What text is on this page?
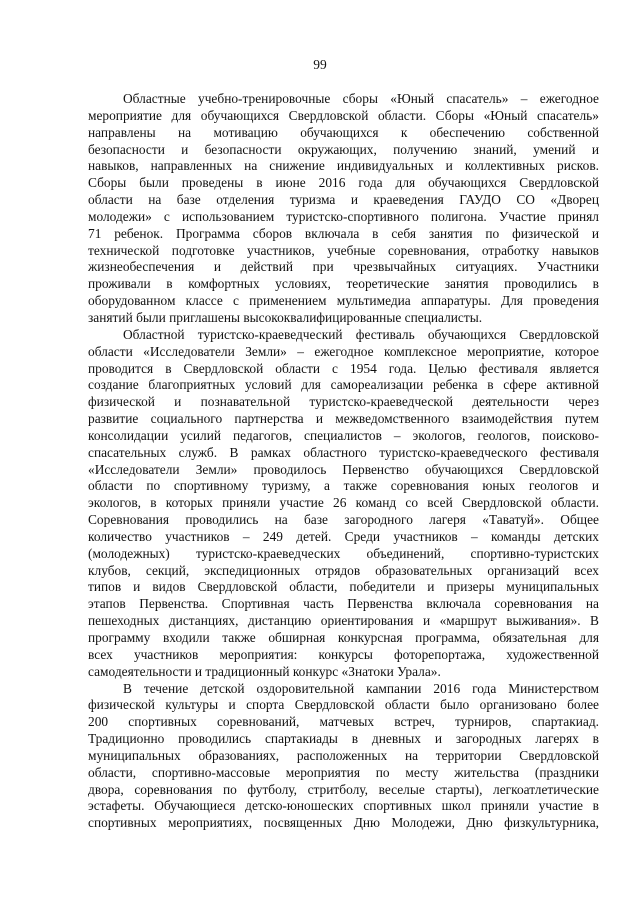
99
Областные учебно-тренировочные сборы «Юный спасатель» – ежегодное
мероприятие для обучающихся Свердловской области. Сборы «Юный спасатель»
направлены на мотивацию обучающихся к обеспечению собственной
безопасности и безопасности окружающих, получению знаний, умений и
навыков, направленных на снижение индивидуальных и коллективных рисков.
Сборы были проведены в июне 2016 года для обучающихся Свердловской
области на базе отделения туризма и краеведения ГАУДО СО «Дворец
молодежи» с использованием туристско-спортивного полигона. Участие принял
71 ребенок. Программа сборов включала в себя занятия по физической и
технической подготовке участников, учебные соревнования, отработку навыков
жизнеобеспечения и действий при чрезвычайных ситуациях. Участники
проживали в комфортных условиях, теоретические занятия проводились в
оборудованном классе с применением мультимедиа аппаратуры. Для проведения
занятий были приглашены высококвалифицированные специалисты.
Областной туристско-краеведческий фестиваль обучающихся Свердловской
области «Исследователи Земли» – ежегодное комплексное мероприятие, которое
проводится в Свердловской области с 1954 года. Целью фестиваля является
создание благоприятных условий для самореализации ребенка в сфере активной
физической и познавательной туристско-краеведческой деятельности через
развитие социального партнерства и межведомственного взаимодействия путем
консолидации усилий педагогов, специалистов – экологов, геологов, поисково-
спасательных служб. В рамках областного туристско-краеведческого фестиваля
«Исследователи Земли» проводилось Первенство обучающихся Свердловской
области по спортивному туризму, а также соревнования юных геологов и
экологов, в которых приняли участие 26 команд со всей Свердловской области.
Соревнования проводились на базе загородного лагеря «Таватуй». Общее
количество участников – 249 детей. Среди участников – команды детских
(молодежных) туристско-краеведческих объединений, спортивно-туристских
клубов, секций, экспедиционных отрядов образовательных организаций всех
типов и видов Свердловской области, победители и призеры муниципальных
этапов Первенства. Спортивная часть Первенства включала соревнования на
пешеходных дистанциях, дистанцию ориентирования и «маршрут выживания». В
программу входили также обширная конкурсная программа, обязательная для
всех участников мероприятия: конкурсы фоторепортажа, художественной
самодеятельности и традиционный конкурс «Знатоки Урала».
В течение детской оздоровительной кампании 2016 года Министерством
физической культуры и спорта Свердловской области было организовано более
200 спортивных соревнований, матчевых встреч, турниров, спартакиад.
Традиционно проводились спартакиады в дневных и загородных лагерях в
муниципальных образованиях, расположенных на территории Свердловской
области, спортивно-массовые мероприятия по месту жительства (праздники
двора, соревнования по футболу, стритболу, веселые старты), легкоатлетические
эстафеты. Обучающиеся детско-юношеских спортивных школ приняли участие в
спортивных мероприятиях, посвященных Дню Молодежи, Дню физкультурника,
